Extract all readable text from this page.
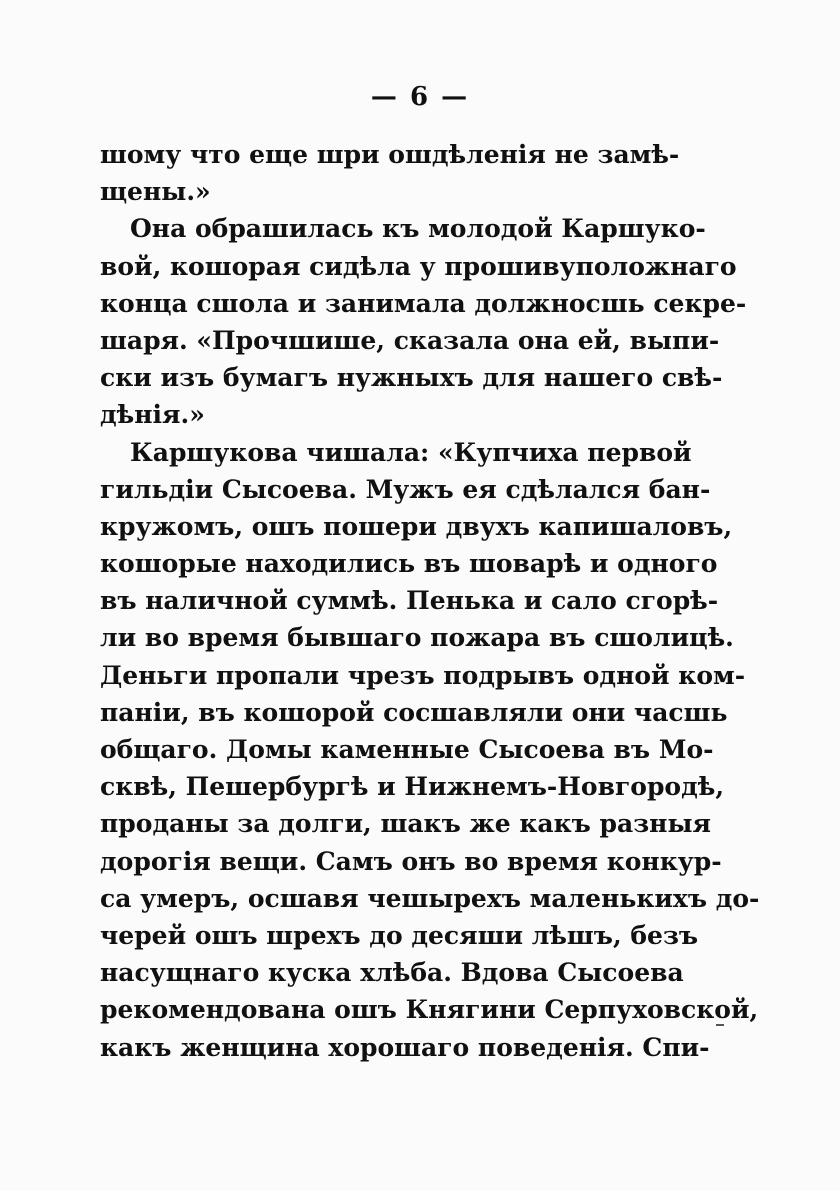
— 6 —
шому что еще шри ошдѣленія не замѣ-
щены.»
Она обрашилась къ молодой Каршуко-
вой, кошорая сидѣла у прошивуположнаго
конца сшола и занимала должносшь секре-
шаря. «Прочшише, сказала она ей, выпи-
ски изъ бумагъ нужныхъ для нашего свѣ-
дѣнія.»
Каршукова чишала: «Купчиха первой
гильдіи Сысоева. Мужъ ея сдѣлался бан-
кружомъ, ошъ пошери двухъ капишаловъ,
кошорые находились въ шоварѣ и одного
въ наличной суммѣ. Пенька и сало сгорѣ-
ли во время бывшаго пожара въ сшолицѣ.
Деньги пропали чрезъ подрывъ одной ком-
паніи, въ кошорой сосшавляли они часшь
общаго. Домы каменные Сысоева въ Мо-
сквѣ, Пешербургѣ и Нижнемъ-Новгородѣ,
проданы за долги, шакъ же какъ разныя
дорогія вещи. Самъ онъ во время конкур-
са умеръ, осшавя чешырехъ маленькихъ до-
черей ошъ шрехъ до десяши лѣшъ, безъ
насущнаго куска хлѣба. Вдова Сысоева
рекомендована ошъ Княгини Серпуховской,
какъ женщина хорошаго поведенія. Спи-
